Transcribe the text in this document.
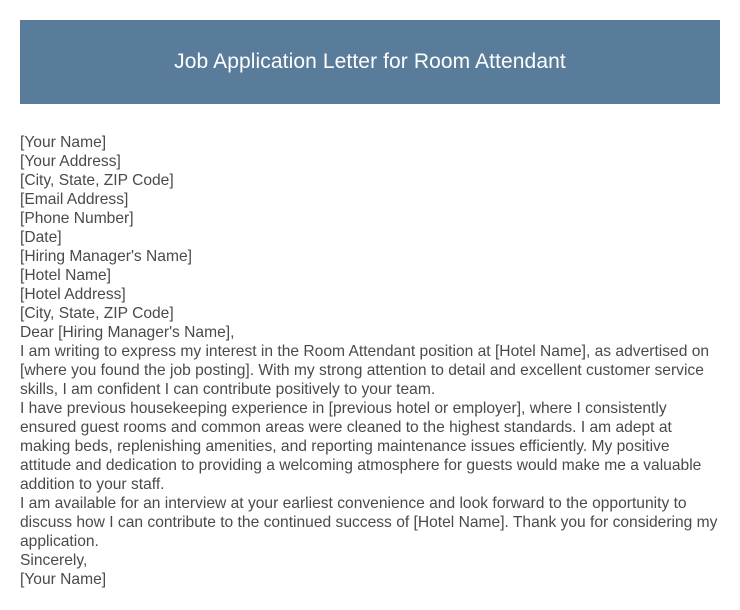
Job Application Letter for Room Attendant
[Your Name]
[Your Address]
[City, State, ZIP Code]
[Email Address]
[Phone Number]
[Date]
[Hiring Manager's Name]
[Hotel Name]
[Hotel Address]
[City, State, ZIP Code]
Dear [Hiring Manager's Name],
I am writing to express my interest in the Room Attendant position at [Hotel Name], as advertised on [where you found the job posting]. With my strong attention to detail and excellent customer service skills, I am confident I can contribute positively to your team.
I have previous housekeeping experience in [previous hotel or employer], where I consistently ensured guest rooms and common areas were cleaned to the highest standards. I am adept at making beds, replenishing amenities, and reporting maintenance issues efficiently. My positive attitude and dedication to providing a welcoming atmosphere for guests would make me a valuable addition to your staff.
I am available for an interview at your earliest convenience and look forward to the opportunity to discuss how I can contribute to the continued success of [Hotel Name]. Thank you for considering my application.
Sincerely,
[Your Name]
